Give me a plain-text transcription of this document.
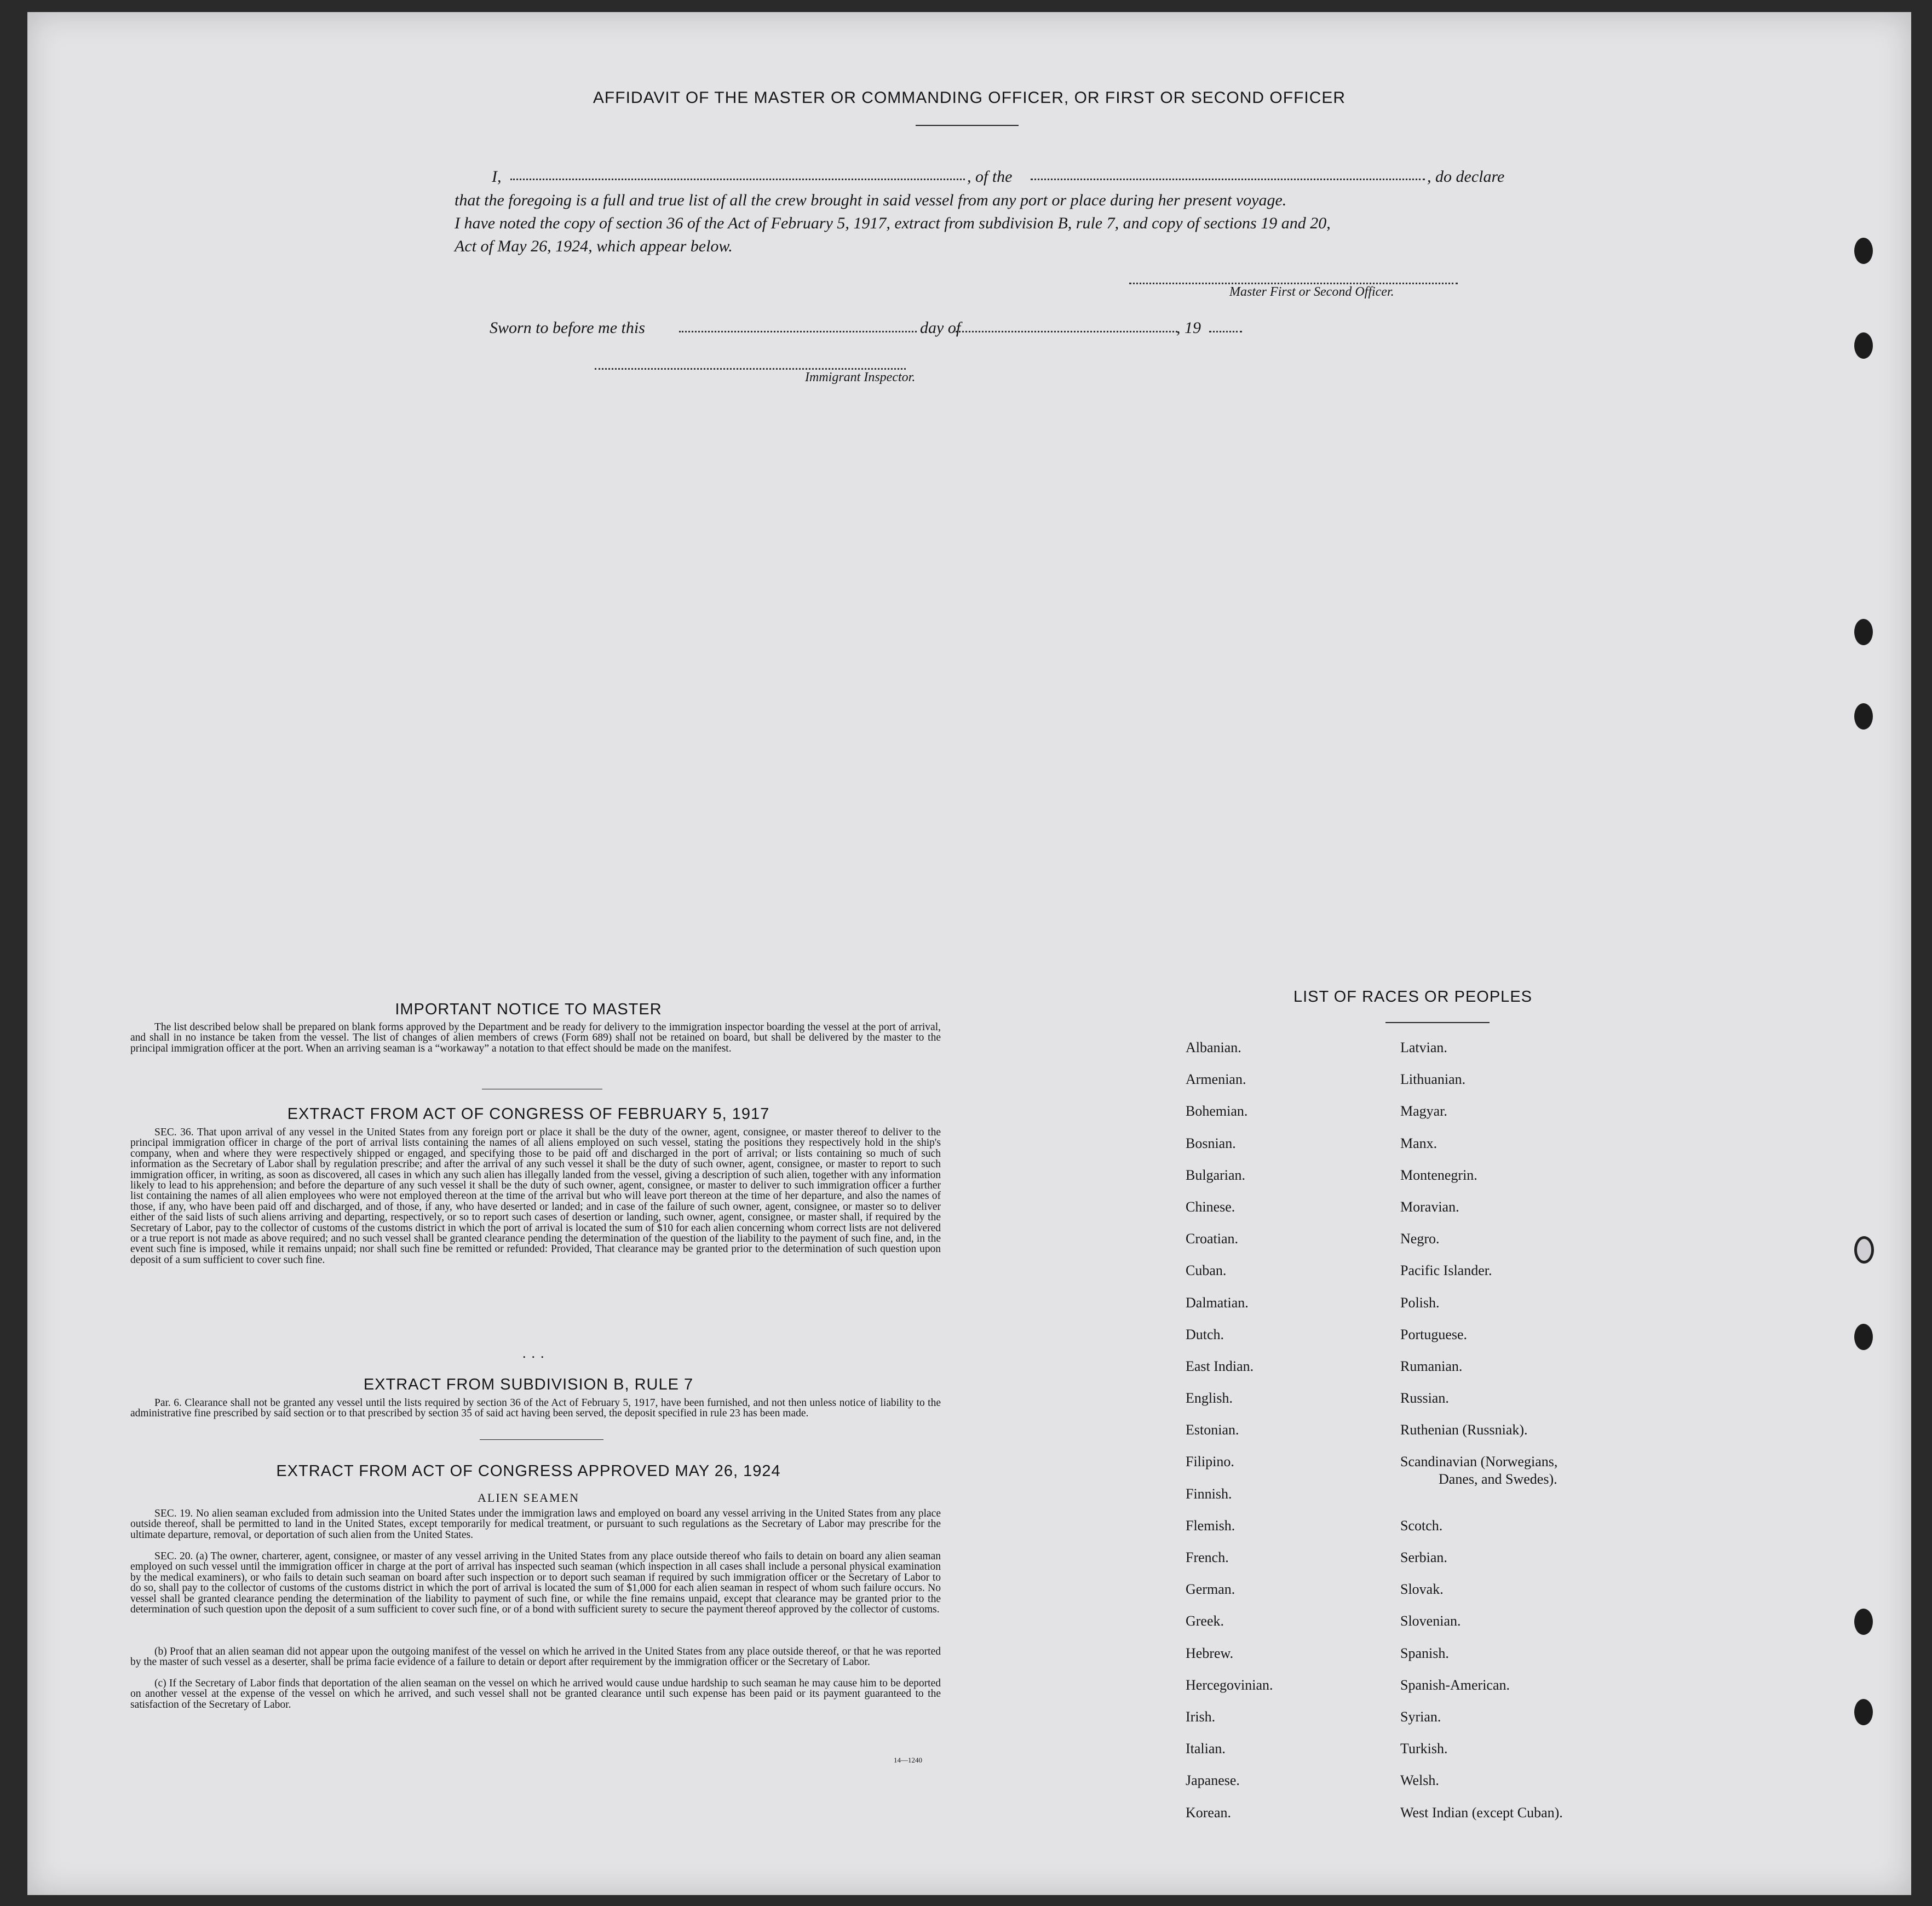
AFFIDAVIT OF THE MASTER OR COMMANDING OFFICER, OR FIRST OR SECOND OFFICER
I,	, of the	, do declare
that the foregoing is a full and true list of all the crew brought in said vessel from any port or place during her present voyage.
I have noted the copy of section 36 of the Act of February 5, 1917, extract from subdivision B, rule 7, and copy of sections 19 and 20,
Act of May 26, 1924, which appear below.
Master First or Second Officer.
Sworn to before me this	day of	, 19
Immigrant Inspector.
IMPORTANT NOTICE TO MASTER
The list described below shall be prepared on blank forms approved by the Department and be ready for delivery to the immigration inspector boarding the vessel at the port of arrival, and shall in no instance be taken from the vessel. The list of changes of alien members of crews (Form 689) shall not be retained on board, but shall be delivered by the master to the principal immigration officer at the port. When an arriving seaman is a “workaway” a notation to that effect should be made on the manifest.
EXTRACT FROM ACT OF CONGRESS OF FEBRUARY 5, 1917
SEC. 36. That upon arrival of any vessel in the United States from any foreign port or place it shall be the duty of the owner, agent, consignee, or master thereof to deliver to the principal immigration officer in charge of the port of arrival lists containing the names of all aliens employed on such vessel, stating the positions they respectively hold in the ship's company, when and where they were respectively shipped or engaged, and specifying those to be paid off and discharged in the port of arrival; or lists containing so much of such information as the Secretary of Labor shall by regulation prescribe; and after the arrival of any such vessel it shall be the duty of such owner, agent, consignee, or master to report to such immigration officer, in writing, as soon as discovered, all cases in which any such alien has illegally landed from the vessel, giving a description of such alien, together with any information likely to lead to his apprehension; and before the departure of any such vessel it shall be the duty of such owner, agent, consignee, or master to deliver to such immigration officer a further list containing the names of all alien employees who were not employed thereon at the time of the arrival but who will leave port thereon at the time of her departure, and also the names of those, if any, who have been paid off and discharged, and of those, if any, who have deserted or landed; and in case of the failure of such owner, agent, consignee, or master so to deliver either of the said lists of such aliens arriving and departing, respectively, or so to report such cases of desertion or landing, such owner, agent, consignee, or master shall, if required by the Secretary of Labor, pay to the collector of customs of the customs district in which the port of arrival is located the sum of $10 for each alien concerning whom correct lists are not delivered or a true report is not made as above required; and no such vessel shall be granted clearance pending the determination of the question of the liability to the payment of such fine, and, in the event such fine is imposed, while it remains unpaid; nor shall such fine be remitted or refunded: Provided, That clearance may be granted prior to the determination of such question upon deposit of a sum sufficient to cover such fine.
...
EXTRACT FROM SUBDIVISION B, RULE 7
Par. 6. Clearance shall not be granted any vessel until the lists required by section 36 of the Act of February 5, 1917, have been furnished, and not then unless notice of liability to the administrative fine prescribed by said section or to that prescribed by section 35 of said act having been served, the deposit specified in rule 23 has been made.
EXTRACT FROM ACT OF CONGRESS APPROVED MAY 26, 1924
ALIEN SEAMEN
SEC. 19. No alien seaman excluded from admission into the United States under the immigration laws and employed on board any vessel arriving in the United States from any place outside thereof, shall be permitted to land in the United States, except temporarily for medical treatment, or pursuant to such regulations as the Secretary of Labor may prescribe for the ultimate departure, removal, or deportation of such alien from the United States.
SEC. 20. (a) The owner, charterer, agent, consignee, or master of any vessel arriving in the United States from any place outside thereof who fails to detain on board any alien seaman employed on such vessel until the immigration officer in charge at the port of arrival has inspected such seaman (which inspection in all cases shall include a personal physical examination by the medical examiners), or who fails to detain such seaman on board after such inspection or to deport such seaman if required by such immigration officer or the Secretary of Labor to do so, shall pay to the collector of customs of the customs district in which the port of arrival is located the sum of $1,000 for each alien seaman in respect of whom such failure occurs. No vessel shall be granted clearance pending the determination of the liability to payment of such fine, or while the fine remains unpaid, except that clearance may be granted prior to the determination of such question upon the deposit of a sum sufficient to cover such fine, or of a bond with sufficient surety to secure the payment thereof approved by the collector of customs.
(b) Proof that an alien seaman did not appear upon the outgoing manifest of the vessel on which he arrived in the United States from any place outside thereof, or that he was reported by the master of such vessel as a deserter, shall be prima facie evidence of a failure to detain or deport after requirement by the immigration officer or the Secretary of Labor.
(c) If the Secretary of Labor finds that deportation of the alien seaman on the vessel on which he arrived would cause undue hardship to such seaman he may cause him to be deported on another vessel at the expense of the vessel on which he arrived, and such vessel shall not be granted clearance until such expense has been paid or its payment guaranteed to the satisfaction of the Secretary of Labor.
14—1240
LIST OF RACES OR PEOPLES
Albanian.
Armenian.
Bohemian.
Bosnian.
Bulgarian.
Chinese.
Croatian.
Cuban.
Dalmatian.
Dutch.
East Indian.
English.
Estonian.
Filipino.
Finnish.
Flemish.
French.
German.
Greek.
Hebrew.
Hercegovinian.
Irish.
Italian.
Japanese.
Korean.
Latvian.
Lithuanian.
Magyar.
Manx.
Montenegrin.
Moravian.
Negro.
Pacific Islander.
Polish.
Portuguese.
Rumanian.
Russian.
Ruthenian (Russniak).
Scandinavian (Norwegians,
Danes, and Swedes).
Scotch.
Serbian.
Slovak.
Slovenian.
Spanish.
Spanish-American.
Syrian.
Turkish.
Welsh.
West Indian (except Cuban).
